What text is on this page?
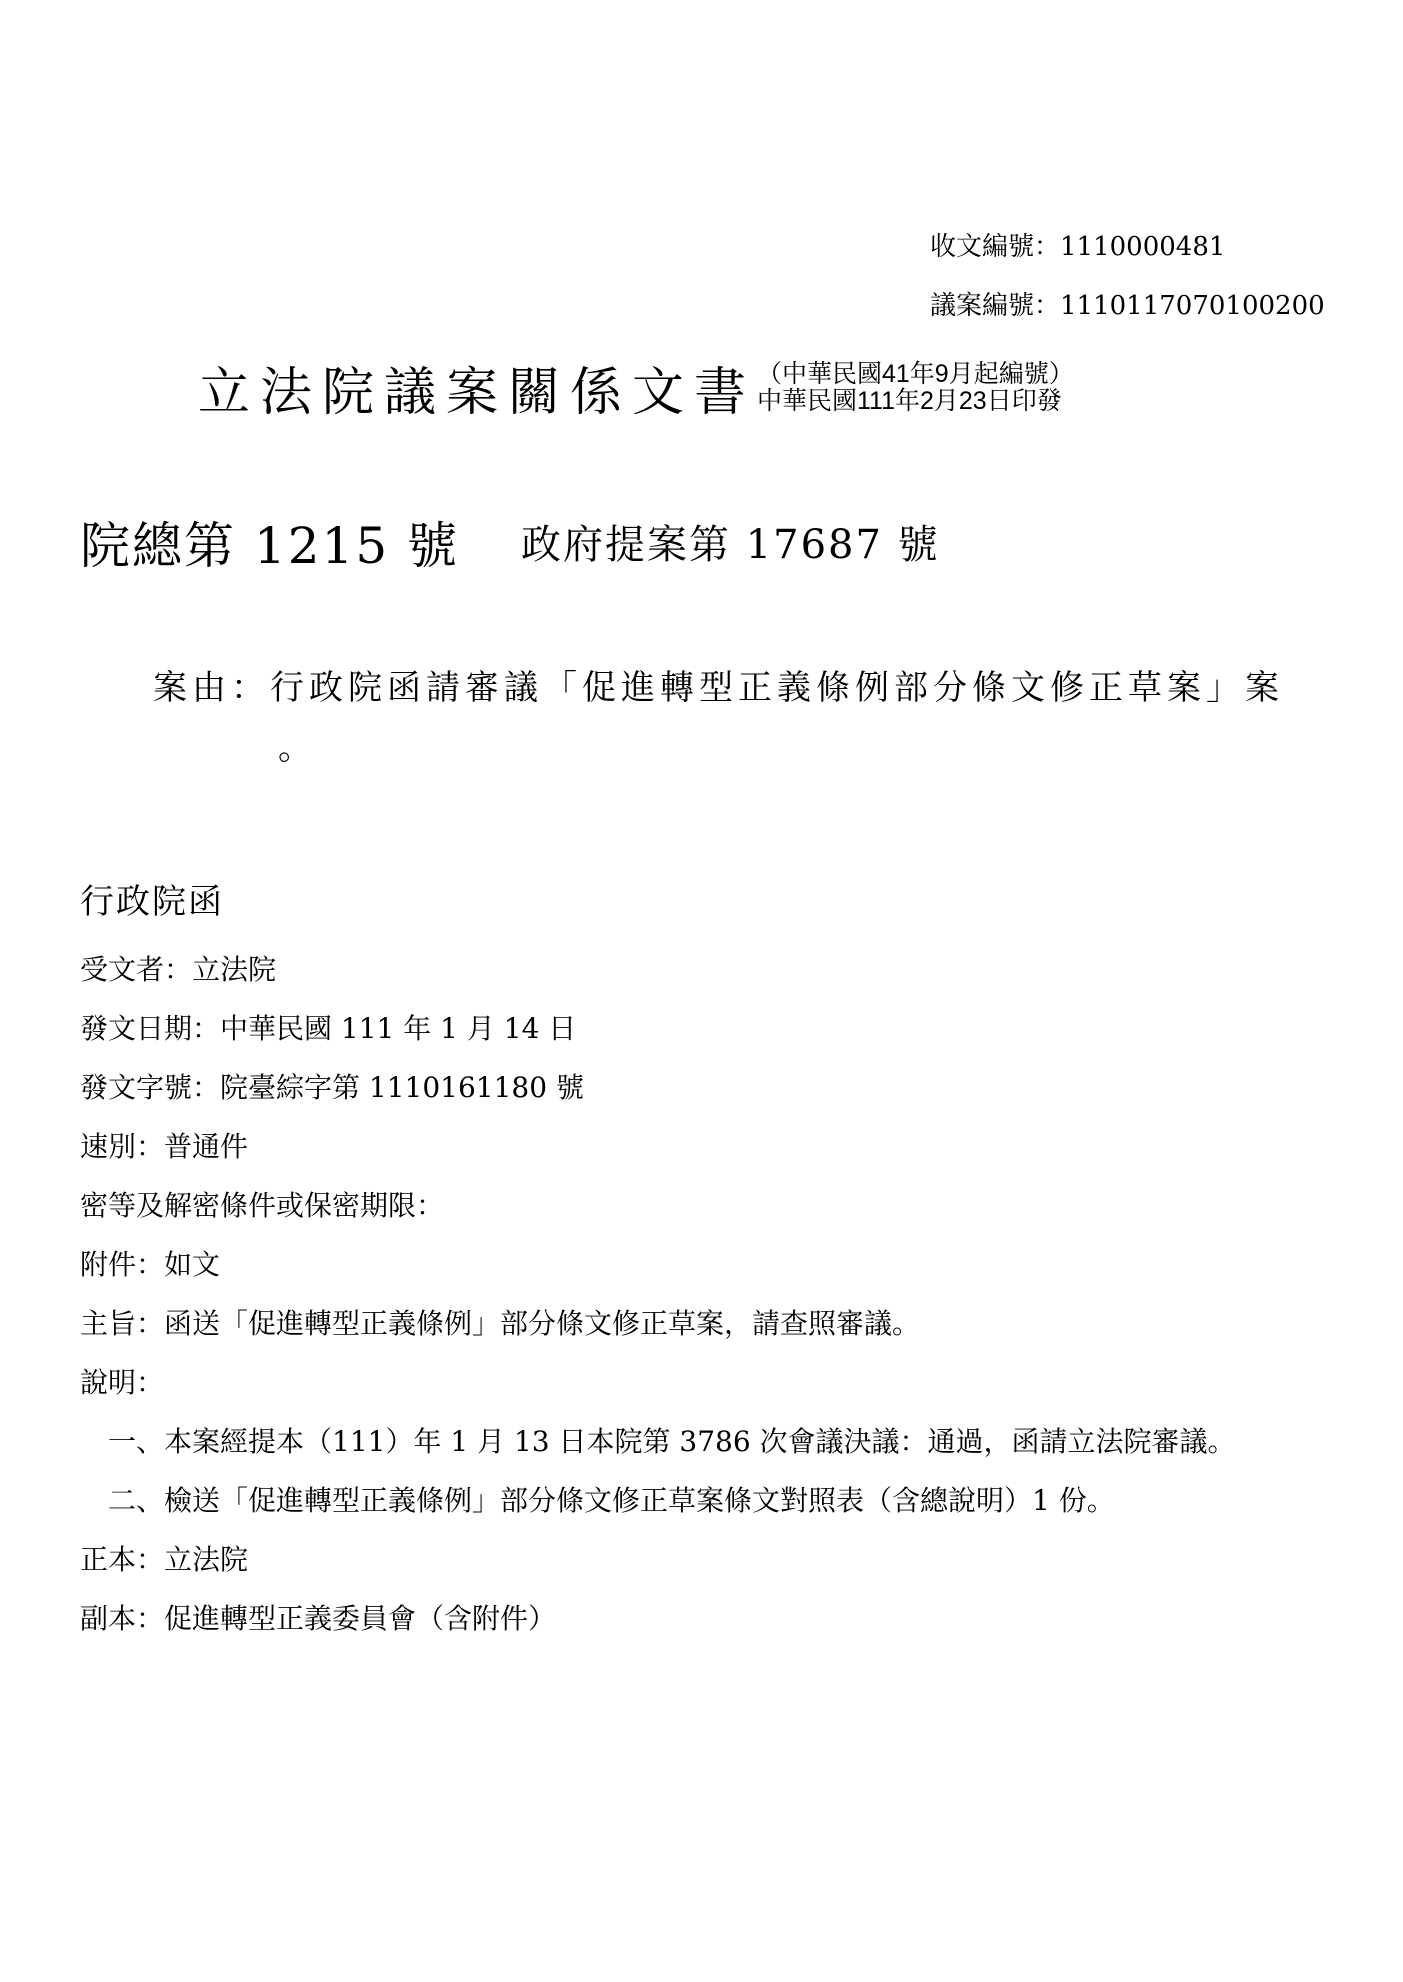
收文編號：1110000481
議案編號：1110117070100200
立法院議案關係文書 （中華民國41年9月起編號）
中華民國111年2月23日印發
院總第 1215 號 政府提案第 17687 號
案由：行政院函請審議「促進轉型正義條例部分條文修正草案」案
。
行政院函
受文者：立法院
發文日期：中華民國 111 年 1 月 14 日
發文字號：院臺綜字第 1110161180 號
速別：普通件
密等及解密條件或保密期限：
附件：如文
主旨：函送「促進轉型正義條例」部分條文修正草案，請查照審議。
說明：
一、本案經提本（111）年 1 月 13 日本院第 3786 次會議決議：通過，函請立法院審議。
二、檢送「促進轉型正義條例」部分條文修正草案條文對照表（含總說明）1 份。
正本：立法院
副本：促進轉型正義委員會（含附件）
